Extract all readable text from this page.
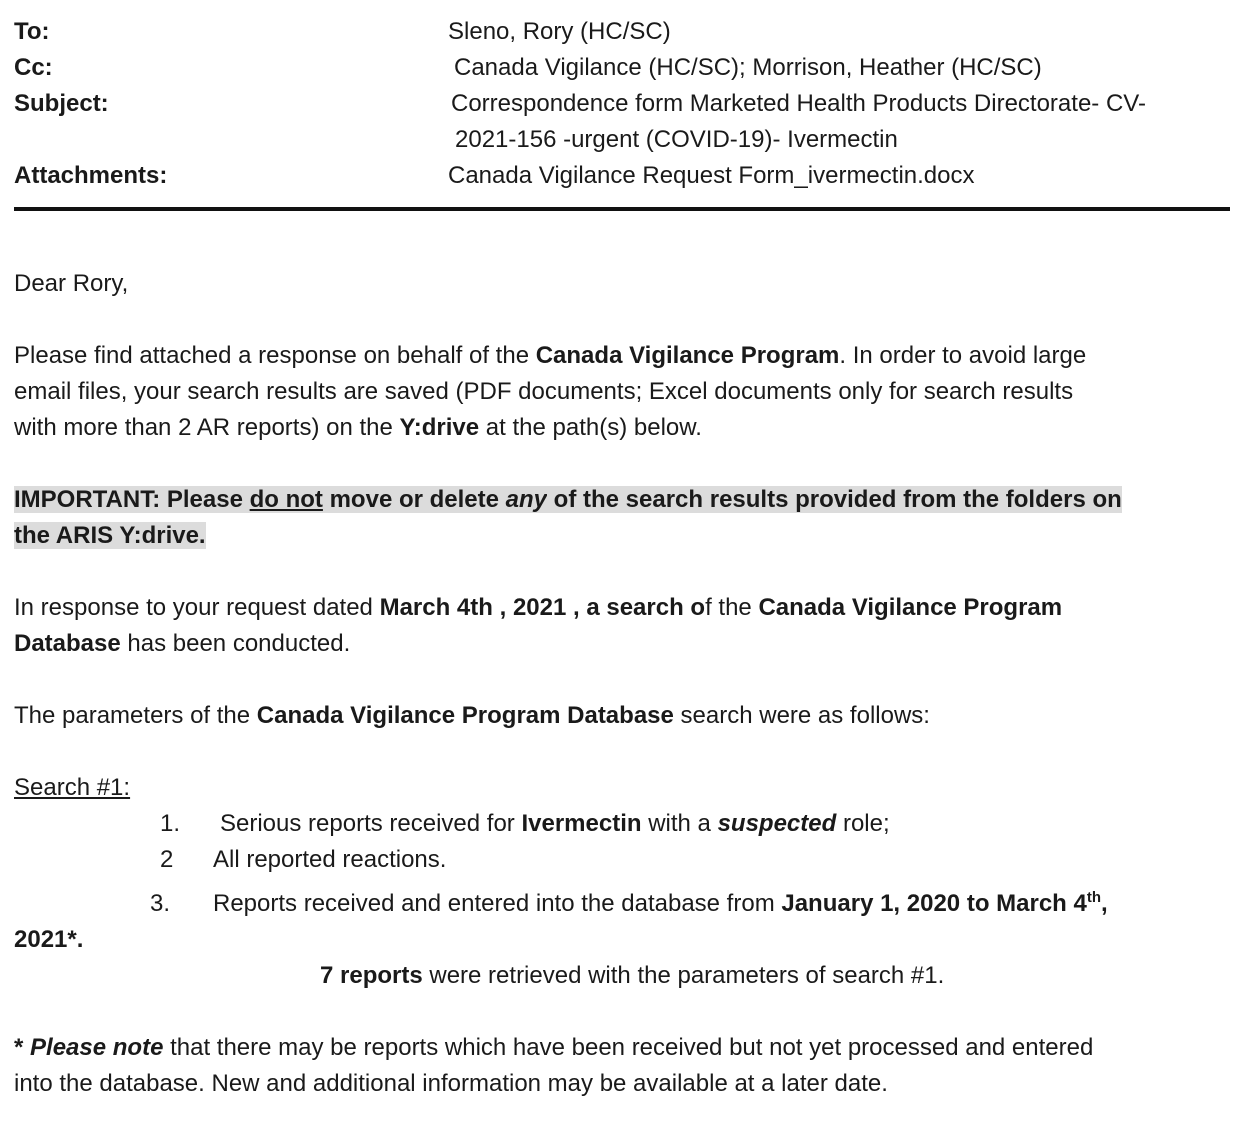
To:	Sleno, Rory (HC/SC)
Cc:	Canada Vigilance (HC/SC); Morrison, Heather (HC/SC)
Subject:	Correspondence form Marketed Health Products Directorate- CV-
2021-156 -urgent (COVID-19)- Ivermectin
Attachments:	Canada Vigilance Request Form_ivermectin.docx
Dear Rory,
Please find attached a response on behalf of the Canada Vigilance Program. In order to avoid large
email files, your search results are saved (PDF documents; Excel documents only for search results
with more than 2 AR reports) on the Y:drive at the path(s) below.
IMPORTANT: Please do not move or delete any of the search results provided from the folders on
the ARIS Y:drive.
In response to your request dated March 4th , 2021 , a search of the Canada Vigilance Program
Database has been conducted.
The parameters of the Canada Vigilance Program Database search were as follows:
Search #1:
1. Serious reports received for Ivermectin with a suspected role;
2 All reported reactions.
3. Reports received and entered into the database from January 1, 2020 to March 4th,
2021*.
7 reports were retrieved with the parameters of search #1.
* Please note that there may be reports which have been received but not yet processed and entered
into the database. New and additional information may be available at a later date.
